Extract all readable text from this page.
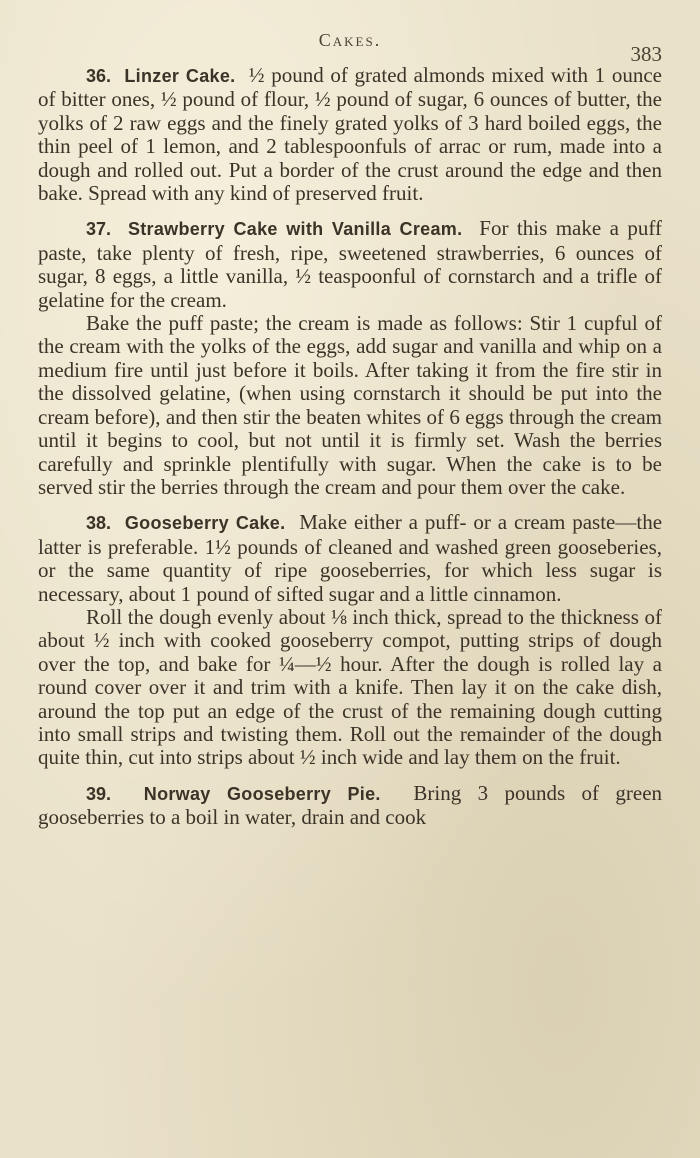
Cakes.
383

36. Linzer Cake. ½ pound of grated almonds mixed with 1 ounce of bitter ones, ½ pound of flour, ½ pound of sugar, 6 ounces of butter, the yolks of 2 raw eggs and the finely grated yolks of 3 hard boiled eggs, the thin peel of 1 lemon, and 2 tablespoonfuls of arrac or rum, made into a dough and rolled out. Put a border of the crust around the edge and then bake. Spread with any kind of preserved fruit.

37. Strawberry Cake with Vanilla Cream. For this make a puff paste, take plenty of fresh, ripe, sweetened strawberries, 6 ounces of sugar, 8 eggs, a little vanilla, ½ teaspoonful of cornstarch and a trifle of gelatine for the cream.

Bake the puff paste; the cream is made as follows: Stir 1 cupful of the cream with the yolks of the eggs, add sugar and vanilla and whip on a medium fire until just before it boils. After taking it from the fire stir in the dissolved gelatine, (when using cornstarch it should be put into the cream before), and then stir the beaten whites of 6 eggs through the cream until it begins to cool, but not until it is firmly set. Wash the berries carefully and sprinkle plentifully with sugar. When the cake is to be served stir the berries through the cream and pour them over the cake.

38. Gooseberry Cake. Make either a puff- or a cream paste—the latter is preferable. 1½ pounds of cleaned and washed green gooseberies, or the same quantity of ripe gooseberries, for which less sugar is necessary, about 1 pound of sifted sugar and a little cinnamon.

Roll the dough evenly about ⅛ inch thick, spread to the thickness of about ½ inch with cooked gooseberry compot, putting strips of dough over the top, and bake for ¼—½ hour. After the dough is rolled lay a round cover over it and trim with a knife. Then lay it on the cake dish, around the top put an edge of the crust of the remaining dough cutting into small strips and twisting them. Roll out the remainder of the dough quite thin, cut into strips about ½ inch wide and lay them on the fruit.

39. Norway Gooseberry Pie. Bring 3 pounds of green gooseberries to a boil in water, drain and cook
